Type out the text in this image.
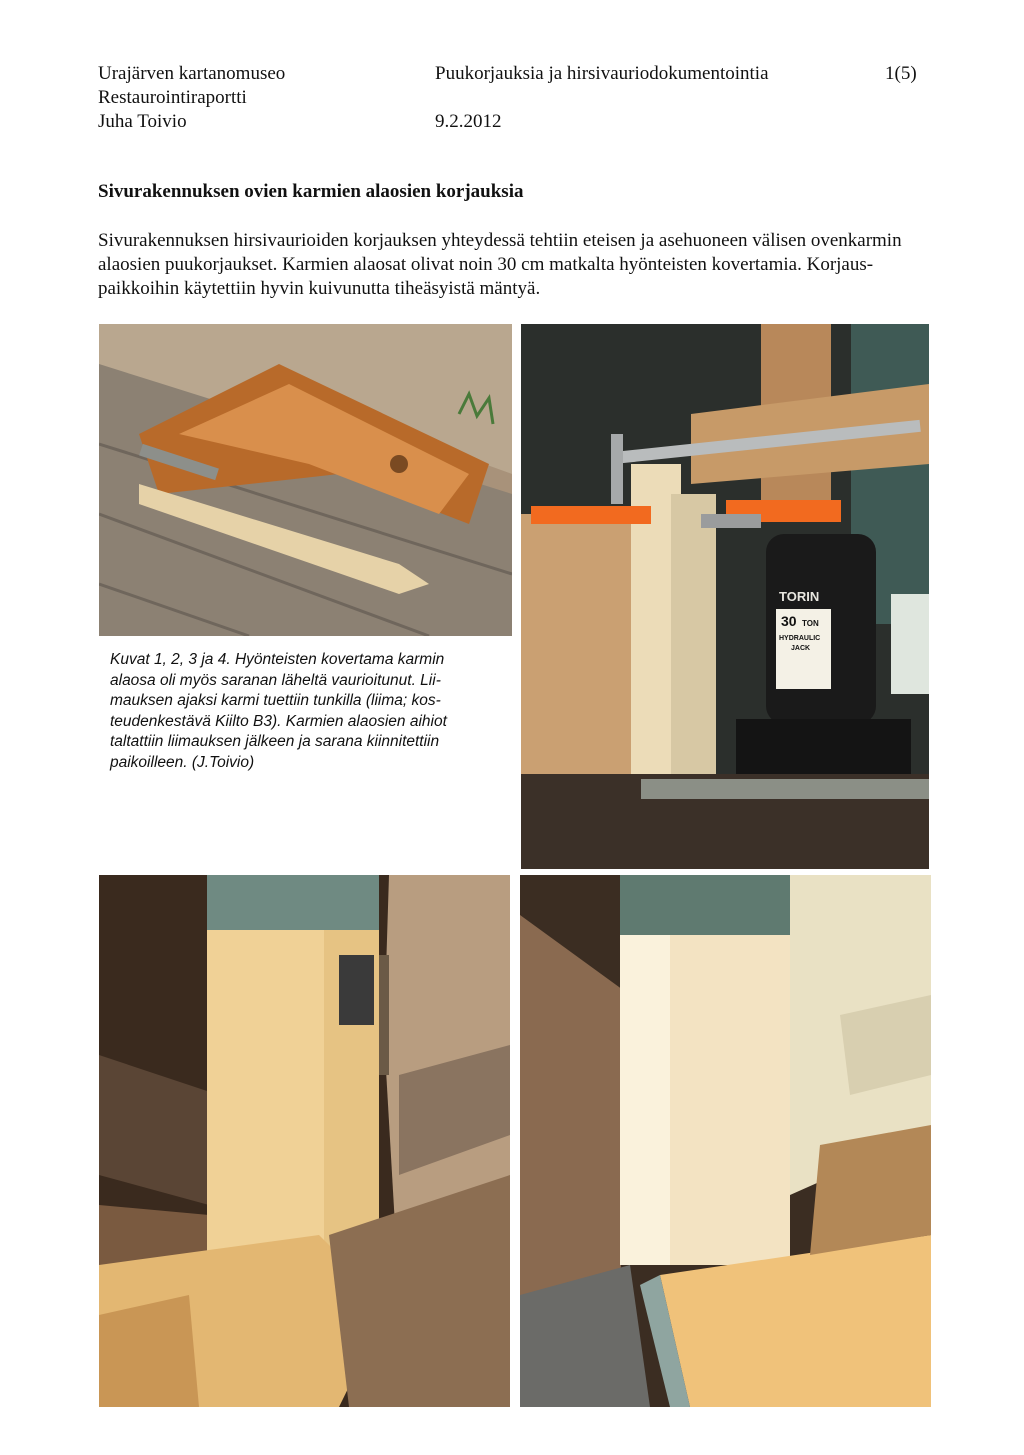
Urajärven kartanomuseo
Restaurointiraportti
Juha Toivio
Puukorjauksia ja hirsivauriodokumentointia
9.2.2012
1(5)
Sivurakennuksen ovien karmien alaosien korjauksia
Sivurakennuksen hirsivaurioiden korjauksen yhteydessä tehtiin eteisen ja asehuoneen välisen ovenkarmin
alaosien puukorjaukset. Karmien alaosat olivat noin 30 cm matkalta hyönteisten kovertamia. Korjaus-
paikkoihin käytettiin hyvin kuivunutta tiheäsyistä mäntyä.
Kuvat 1, 2, 3 ja 4. Hyönteisten kovertama karmin
alaosa oli myös saranan läheltä vaurioitunut. Lii-
mauksen ajaksi karmi tuettiin tunkilla (liima; kos-
teudenkestävä Kiilto B3). Karmien alaosien aihiot
taltattiin liimauksen jälkeen ja sarana kiinnitettiin
paikoilleen. (J.Toivio)
TORIN
30 TON
HYDRAULIC
JACK
